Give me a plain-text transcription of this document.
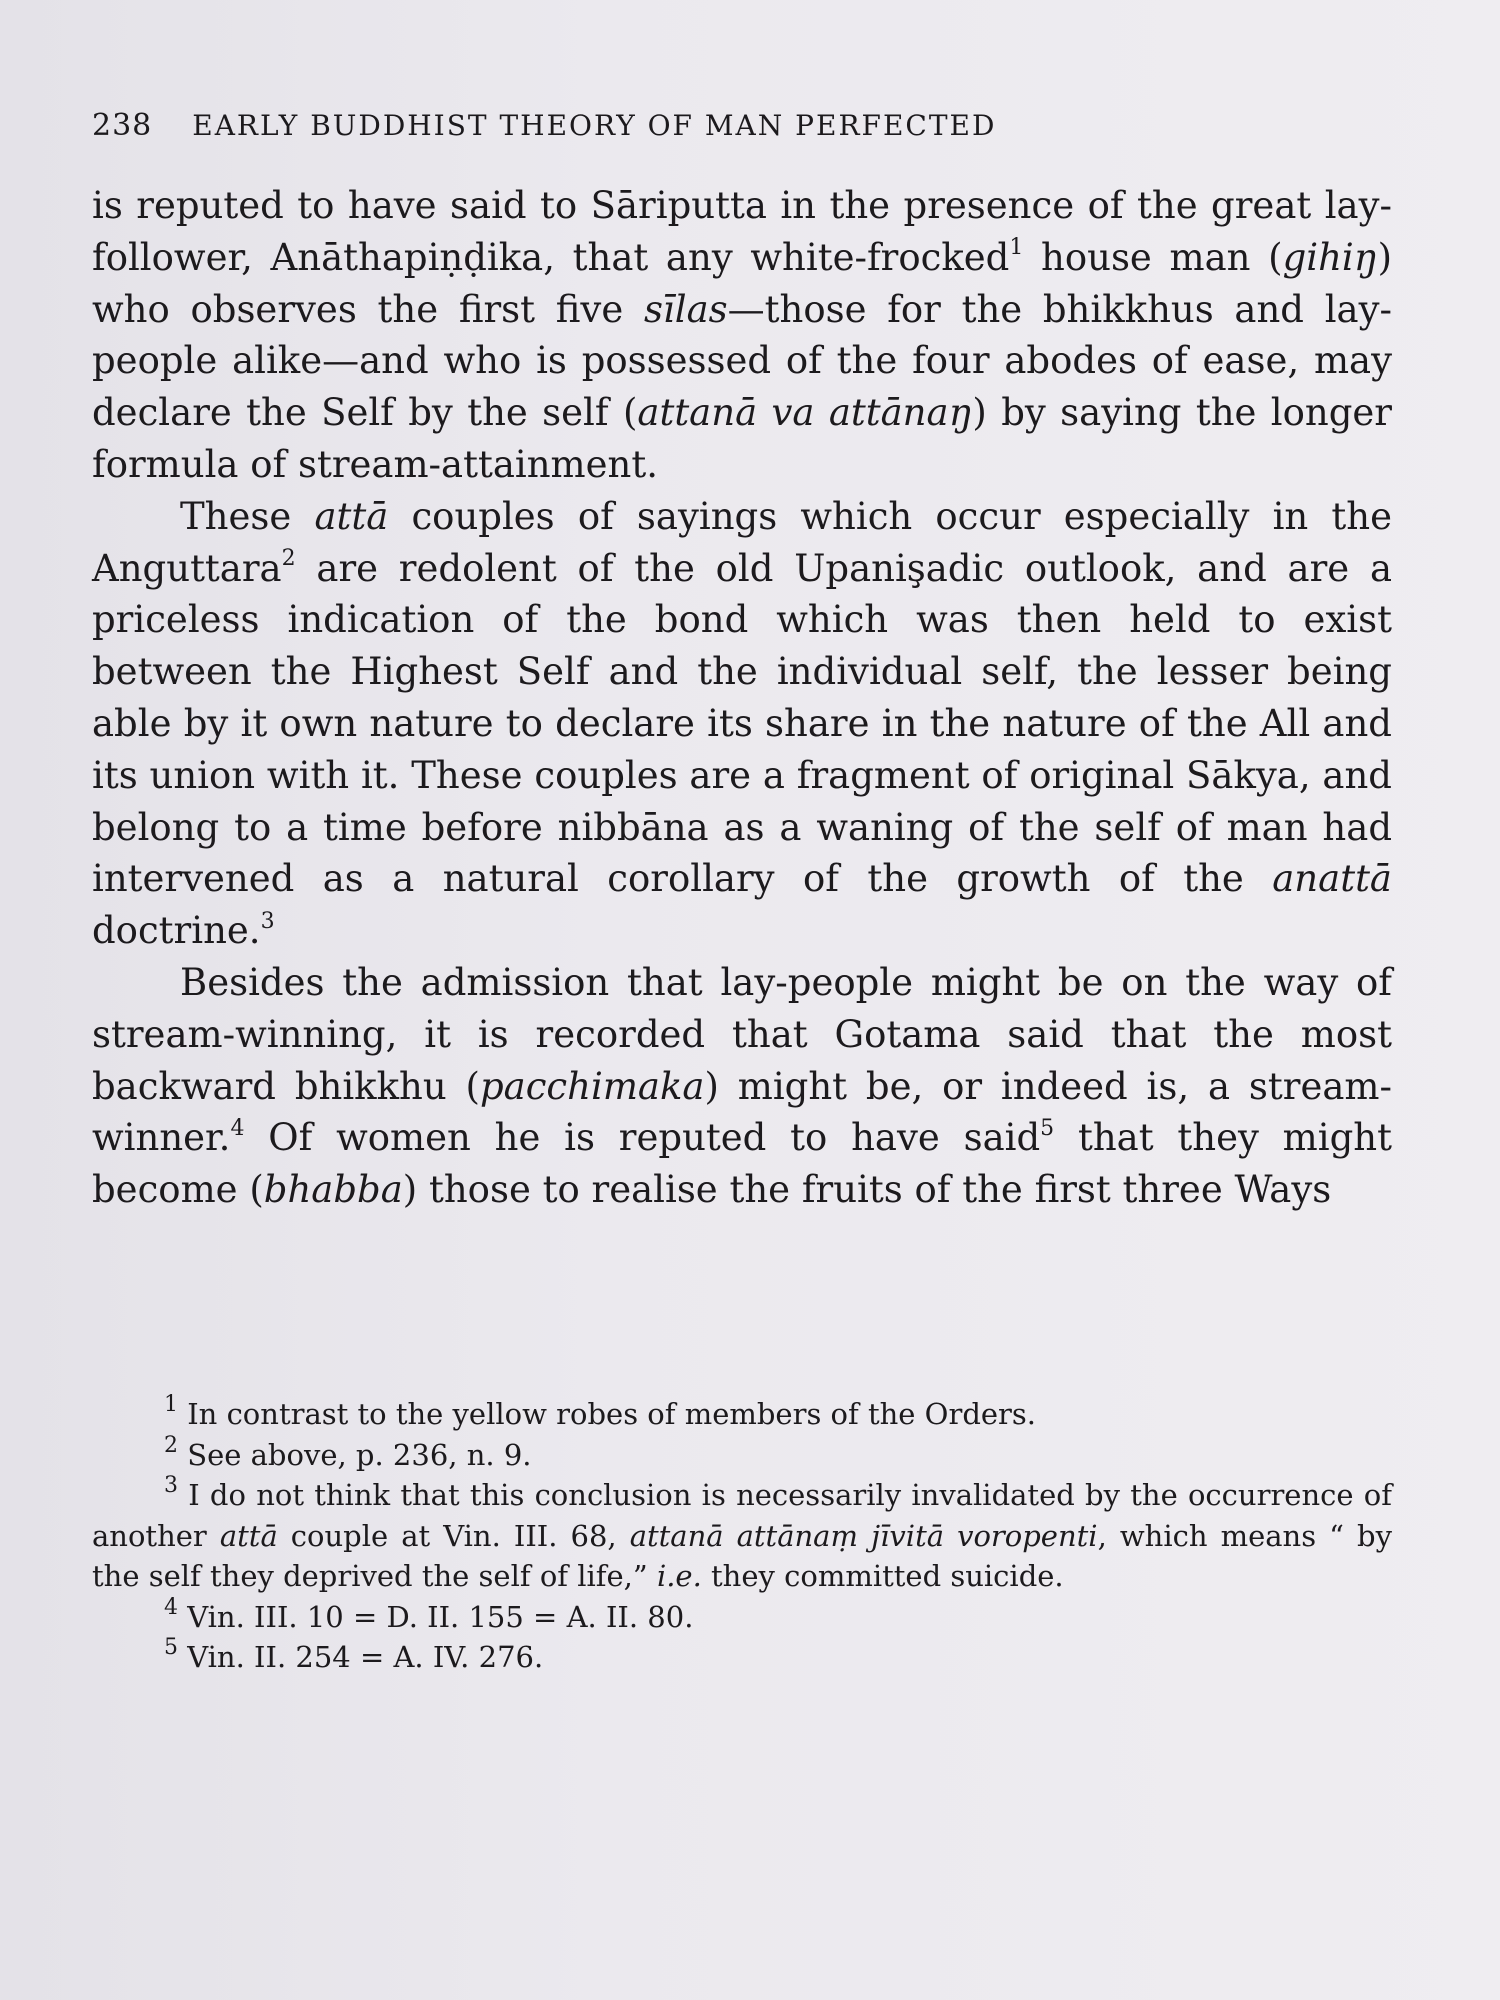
238 EARLY BUDDHIST THEORY OF MAN PERFECTED

is reputed to have said to Sāriputta in the presence of the great lay-follower, Anāthapiṇḍika, that any white-frocked$^1$ house man (gihiŋ) who observes the first five sīlas—those for the bhikkhus and lay-people alike—and who is possessed of the four abodes of ease, may declare the Self by the self (attanā va attānaŋ) by saying the longer formula of stream-attainment.

These attā couples of sayings which occur especially in the Anguttara$^2$ are redolent of the old Upanişadic outlook, and are a priceless indication of the bond which was then held to exist between the Highest Self and the individual self, the lesser being able by it own nature to declare its share in the nature of the All and its union with it. These couples are a fragment of original Sākya, and belong to a time before nibbāna as a waning of the self of man had intervened as a natural corollary of the growth of the anattā doctrine.$^3$

Besides the admission that lay-people might be on the way of stream-winning, it is recorded that Gotama said that the most backward bhikkhu (pacchimaka) might be, or indeed is, a stream-winner.$^4$ Of women he is reputed to have said$^5$ that they might become (bhabba) those to realise the fruits of the first three Ways

$^1$ In contrast to the yellow robes of members of the Orders.

$^2$ See above, p. 236, n. 9.

$^3$ I do not think that this conclusion is necessarily invalidated by the occurrence of another attā couple at Vin. III. 68, attanā attānaṃ jīvitā voropenti, which means “ by the self they deprived the self of life,” i.e. they committed suicide.

$^4$ Vin. III. 10 = D. II. 155 = A. II. 80.

$^5$ Vin. II. 254 = A. IV. 276.
